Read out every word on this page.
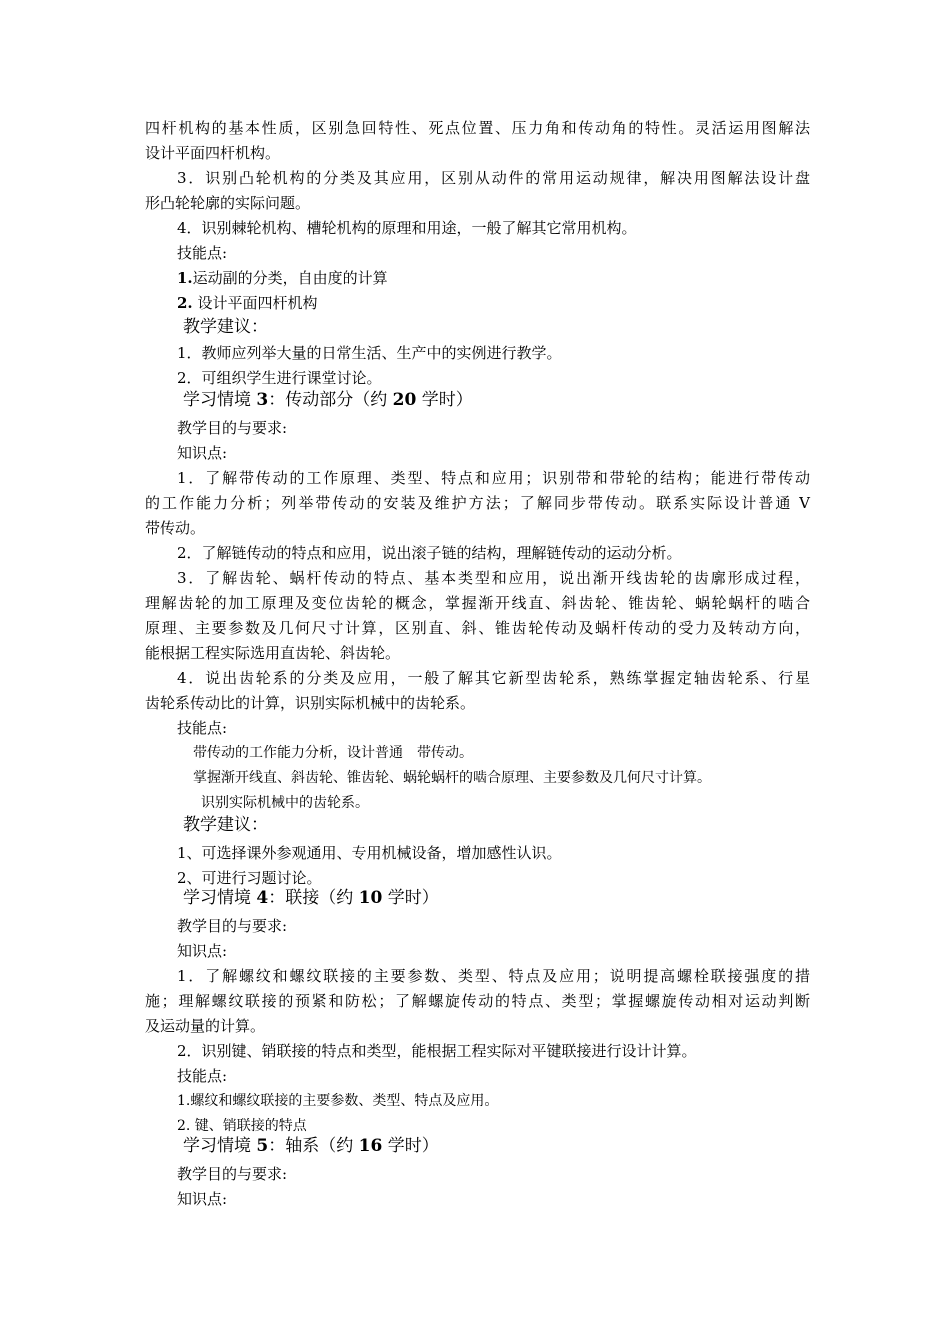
四杆机构的基本性质，区别急回特性、死点位置、压力角和传动角的特性。灵活运用图解法
设计平面四杆机构。
3．识别凸轮机构的分类及其应用，区别从动件的常用运动规律，解决用图解法设计盘
形凸轮轮廓的实际问题。
4．识别棘轮机构、槽轮机构的原理和用途，一般了解其它常用机构。
技能点:
1.运动副的分类，自由度的计算
2. 设计平面四杆机构
教学建议：
1．教师应列举大量的日常生活、生产中的实例进行教学。
2．可组织学生进行课堂讨论。
学习情境 3：传动部分（约 20 学时）
教学目的与要求:
知识点:
1．了解带传动的工作原理、类型、特点和应用；识别带和带轮的结构；能进行带传动
的工作能力分析；列举带传动的安装及维护方法；了解同步带传动。联系实际设计普通 V
带传动。
2．了解链传动的特点和应用，说出滚子链的结构，理解链传动的运动分析。
3．了解齿轮、蜗杆传动的特点、基本类型和应用，说出渐开线齿轮的齿廓形成过程，
理解齿轮的加工原理及变位齿轮的概念，掌握渐开线直、斜齿轮、锥齿轮、蜗轮蜗杆的啮合
原理、主要参数及几何尺寸计算，区别直、斜、锥齿轮传动及蜗杆传动的受力及转动方向，
能根据工程实际选用直齿轮、斜齿轮。
4．说出齿轮系的分类及应用，一般了解其它新型齿轮系，熟练掌握定轴齿轮系、行星
齿轮系传动比的计算，识别实际机械中的齿轮系。
技能点:
带传动的工作能力分析，设计普通　带传动。
掌握渐开线直、斜齿轮、锥齿轮、蜗轮蜗杆的啮合原理、主要参数及几何尺寸计算。
识别实际机械中的齿轮系。
教学建议：
1、可选择课外参观通用、专用机械设备，增加感性认识。
2、可进行习题讨论。
学习情境 4：联接（约 10 学时）
教学目的与要求:
知识点:
1．了解螺纹和螺纹联接的主要参数、类型、特点及应用；说明提高螺栓联接强度的措
施；理解螺纹联接的预紧和防松；了解螺旋传动的特点、类型；掌握螺旋传动相对运动判断
及运动量的计算。
2．识别键、销联接的特点和类型，能根据工程实际对平键联接进行设计计算。
技能点:
1.螺纹和螺纹联接的主要参数、类型、特点及应用。
2. 键、销联接的特点
学习情境 5：轴系（约 16 学时）
教学目的与要求:
知识点:
